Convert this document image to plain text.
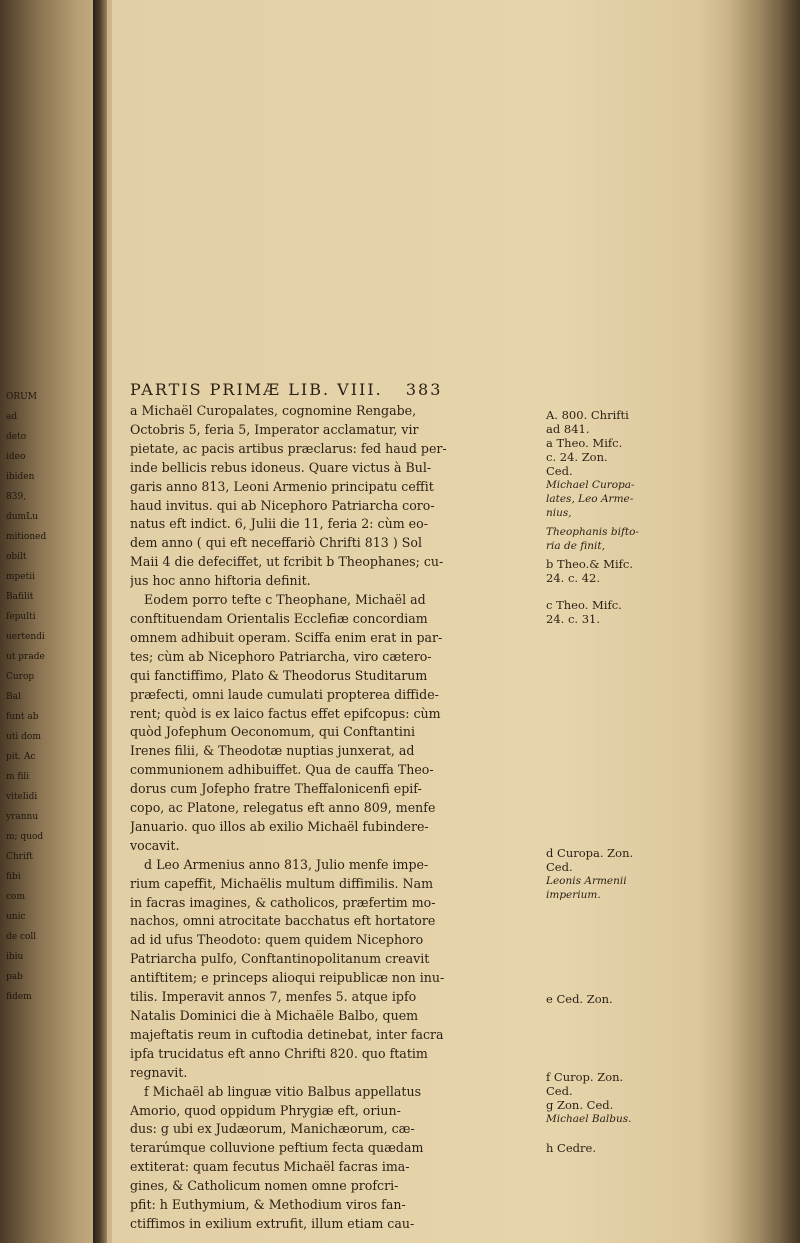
ORUM
ad
deto
ideo
ibiden
839,
dumLu
mitioned
obilt
mpetii
Bafilit
fepulti
uertendi
ut prade
Curop
Bal
funt ab
uti dom
pit. Ac
m fili
vitelidi
yrannu
m; quod
Chrift
fibi
com
unic
de coll
ibiu
pab
fidem
PARTIS PRIMÆ LIB. VIII. 383
a Michaël Curopalates, cognomine Rengabe,
Octobris 5, feria 5, Imperator acclamatur, vir
pietate, ac pacis artibus præclarus: fed haud per-
inde bellicis rebus idoneus. Quare victus à Bul-
garis anno 813, Leoni Armenio principatu ceffit
haud invitus. qui ab Nicephoro Patriarcha coro-
natus eft indict. 6, Julii die 11, feria 2: cùm eo-
dem anno ( qui eft neceffariò Chrifti 813 ) Sol
Maii 4 die defeciffet, ut fcribit b Theophanes; cu-
jus hoc anno hiftoria definit.
Eodem porro tefte c Theophane, Michaël ad
conftituendam Orientalis Ecclefiæ concordiam
omnem adhibuit operam. Sciffa enim erat in par-
tes; cùm ab Nicephoro Patriarcha, viro cætero-
qui fanctiffimo, Plato & Theodorus Studitarum
præfecti, omni laude cumulati propterea diffide-
rent; quòd is ex laico factus effet epifcopus: cùm
quòd Jofephum Oeconomum, qui Conftantini
Irenes filii, & Theodotæ nuptias junxerat, ad
communionem adhibuiffet. Qua de cauffa Theo-
dorus cum Jofepho fratre Theffalonicenfi epif-
copo, ac Platone, relegatus eft anno 809, menfe
Januario. quo illos ab exilio Michaël fubindere-
vocavit.
d Leo Armenius anno 813, Julio menfe impe-
rium capeffit, Michaëlis multum diffimilis. Nam
in facras imagines, & catholicos, præfertim mo-
nachos, omni atrocitate bacchatus eft hortatore
ad id ufus Theodoto: quem quidem Nicephoro
Patriarcha pulfo, Conftantinopolitanum creavit
antiftitem; e princeps alioqui reipublicæ non inu-
tilis. Imperavit annos 7, menfes 5. atque ipfo
Natalis Dominici die à Michaële Balbo, quem
majeftatis reum in cuftodia detinebat, inter facra
ipfa trucidatus eft anno Chrifti 820. quo ftatim
regnavit.
f Michaël ab linguæ vitio Balbus appellatus
Amorio, quod oppidum Phrygiæ eft, oriun-
dus: g ubi ex Judæorum, Manichæorum, cæ-
terarúmque colluvione peftium fecta quædam
extiterat: quam fecutus Michaël facras ima-
gines, & Catholicum nomen omne profcri-
pfit: h Euthymium, & Methodium viros fan-
ctiffimos in exilium extrufit, illum etiam cau-
A. 800. Chrifti
ad 841.
a Theo. Mifc.
c. 24. Zon.
Ced.
Michael Curopa-
lates, Leo Arme-
nius,
Theophanis bifto-
ria de finit,
b Theo.& Mifc.
24. c. 42.
c Theo. Mifc.
24. c. 31.
d Curopa. Zon.
Ced.
Leonis Armenii
imperium.
e Ced. Zon.
f Curop. Zon.
Ced.
g Zon. Ced.
Michael Balbus.
h Cedre.
